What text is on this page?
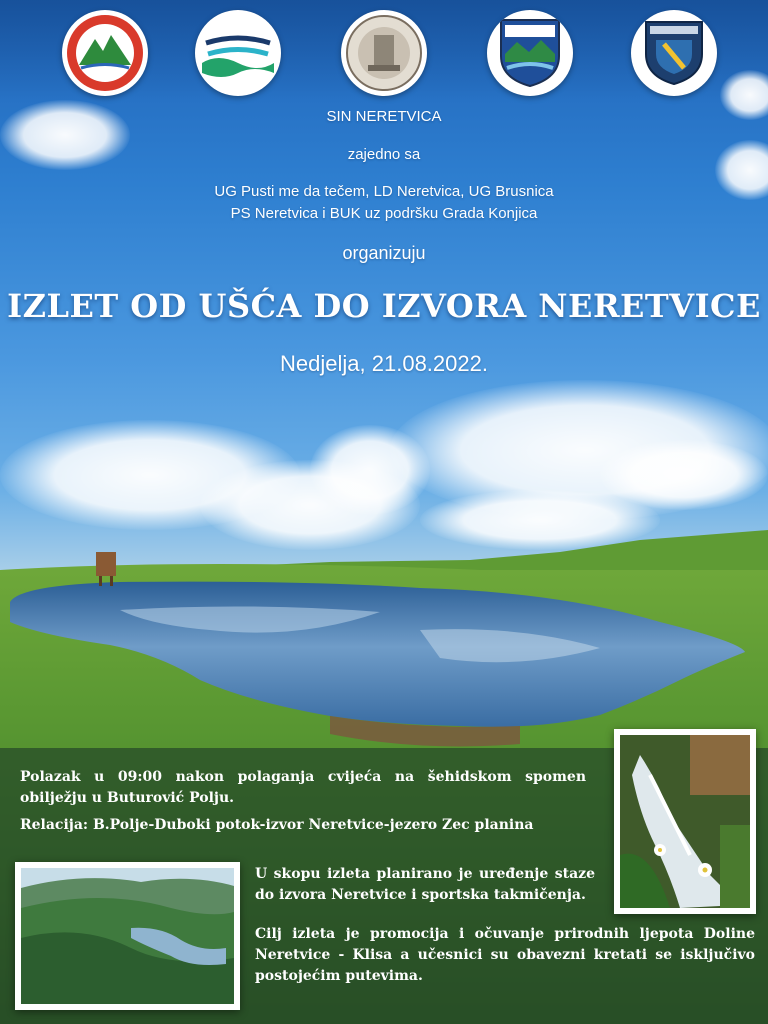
SIN NERETVICA
zajedno sa
UG Pusti me da tečem, LD Neretvica, UG Brusnica
PS Neretvica i BUK uz podršku Grada Konjica
organizuju
IZLET OD UŠĆA DO IZVORA NERETVICE
Nedjelja, 21.08.2022.
Polazak u 09:00 nakon polaganja cvijeća na šehidskom spomen obilježju u Buturović Polju.
Relacija: B.Polje-Duboki potok-izvor Neretvice-jezero Zec planina
U skopu izleta planirano je uređenje staze do izvora Neretvice i sportska takmičenja.
Cilj izleta je promocija i očuvanje prirodnih ljepota Doline Neretvice - Klisa a učesnici su obavezni kretati se isključivo postojećim putevima.
